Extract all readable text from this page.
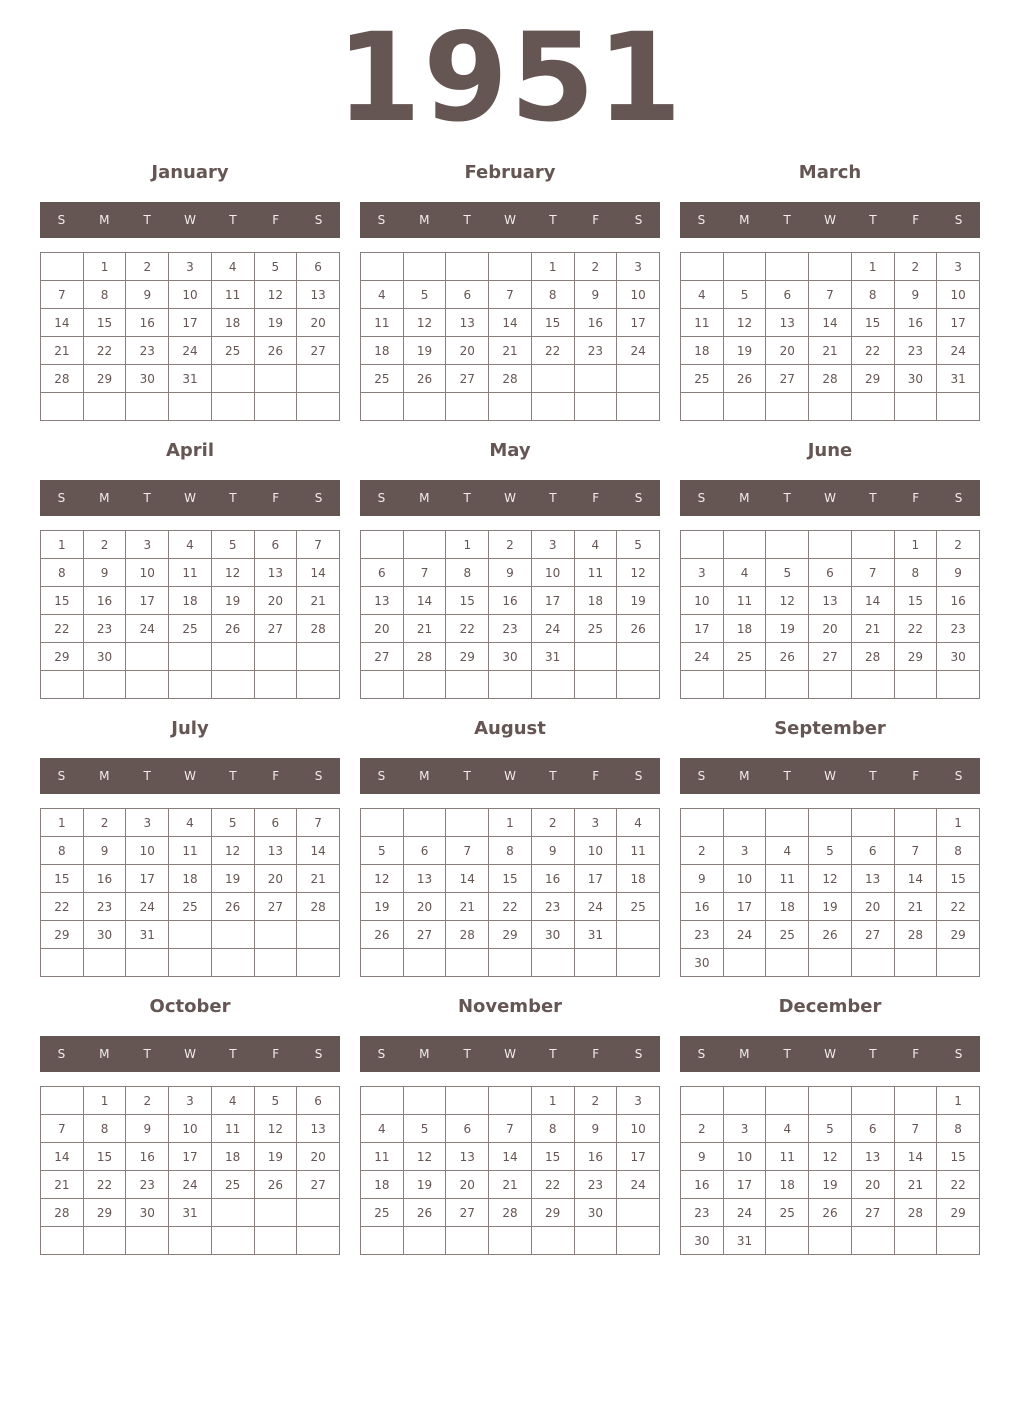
1951
January
S	M	T	W	T	F	S
	1	2	3	4	5	6
7	8	9	10	11	12	13
14	15	16	17	18	19	20
21	22	23	24	25	26	27
28	29	30	31			

February
S	M	T	W	T	F	S
				1	2	3
4	5	6	7	8	9	10
11	12	13	14	15	16	17
18	19	20	21	22	23	24
25	26	27	28			

March
S	M	T	W	T	F	S
				1	2	3
4	5	6	7	8	9	10
11	12	13	14	15	16	17
18	19	20	21	22	23	24
25	26	27	28	29	30	31

April
S	M	T	W	T	F	S
1	2	3	4	5	6	7
8	9	10	11	12	13	14
15	16	17	18	19	20	21
22	23	24	25	26	27	28
29	30					

May
S	M	T	W	T	F	S
		1	2	3	4	5
6	7	8	9	10	11	12
13	14	15	16	17	18	19
20	21	22	23	24	25	26
27	28	29	30	31		

June
S	M	T	W	T	F	S
					1	2
3	4	5	6	7	8	9
10	11	12	13	14	15	16
17	18	19	20	21	22	23
24	25	26	27	28	29	30

July
S	M	T	W	T	F	S
1	2	3	4	5	6	7
8	9	10	11	12	13	14
15	16	17	18	19	20	21
22	23	24	25	26	27	28
29	30	31				

August
S	M	T	W	T	F	S
			1	2	3	4
5	6	7	8	9	10	11
12	13	14	15	16	17	18
19	20	21	22	23	24	25
26	27	28	29	30	31	

September
S	M	T	W	T	F	S
						1
2	3	4	5	6	7	8
9	10	11	12	13	14	15
16	17	18	19	20	21	22
23	24	25	26	27	28	29
30						
October
S	M	T	W	T	F	S
	1	2	3	4	5	6
7	8	9	10	11	12	13
14	15	16	17	18	19	20
21	22	23	24	25	26	27
28	29	30	31			

November
S	M	T	W	T	F	S
				1	2	3
4	5	6	7	8	9	10
11	12	13	14	15	16	17
18	19	20	21	22	23	24
25	26	27	28	29	30	

December
S	M	T	W	T	F	S
						1
2	3	4	5	6	7	8
9	10	11	12	13	14	15
16	17	18	19	20	21	22
23	24	25	26	27	28	29
30	31					
